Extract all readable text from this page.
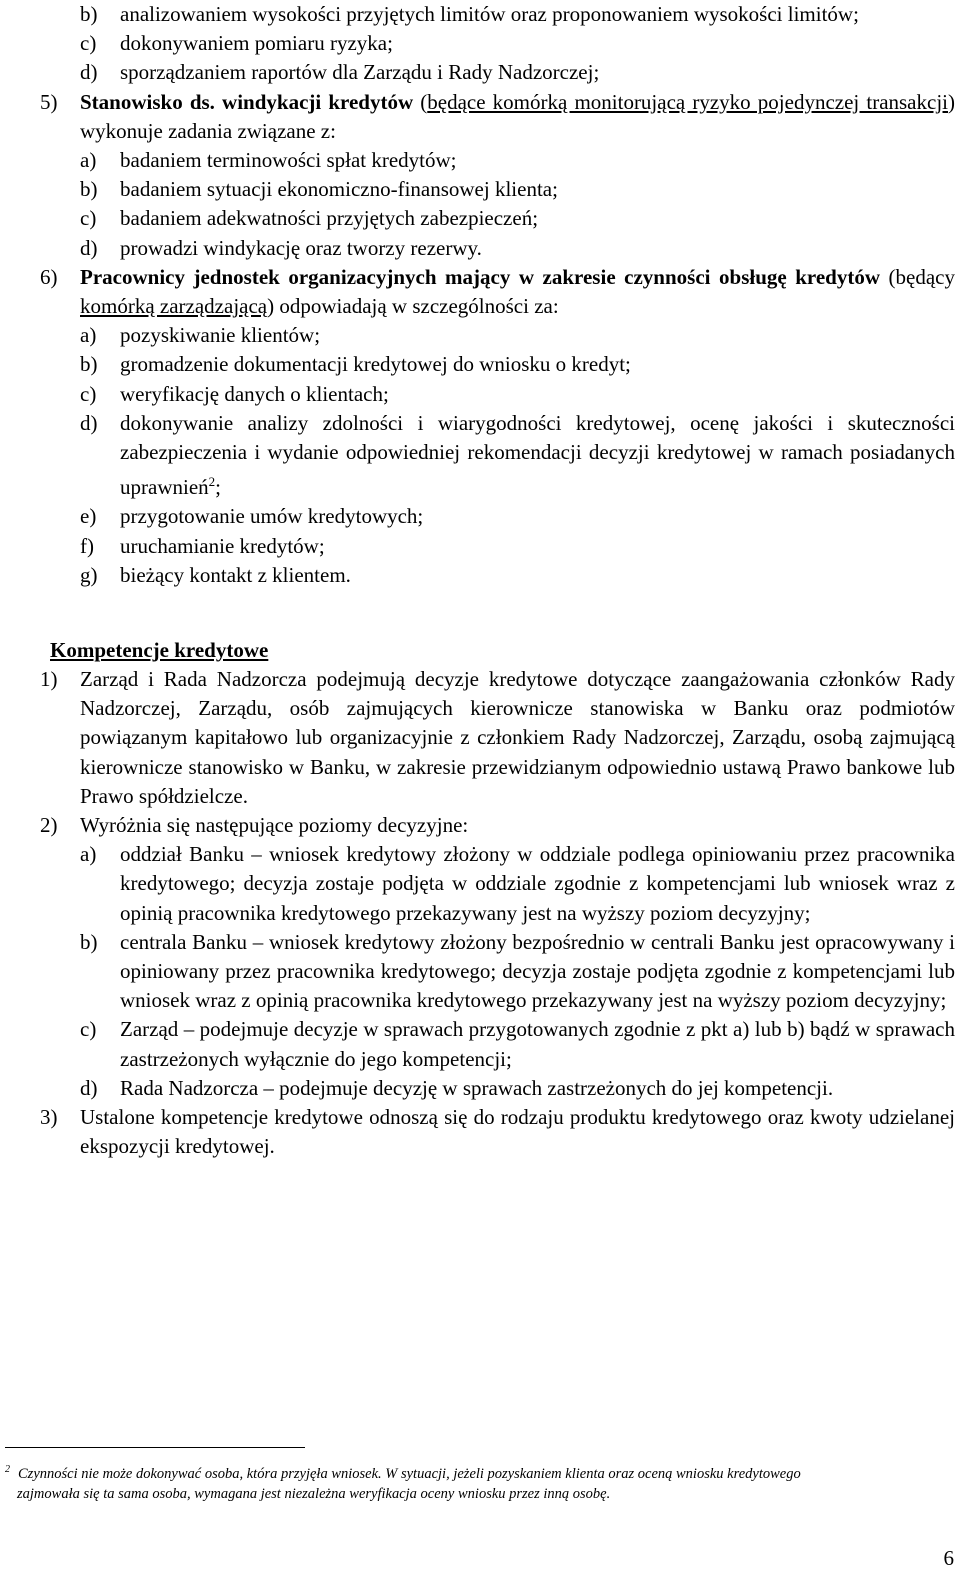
b) analizowaniem wysokości przyjętych limitów oraz proponowaniem wysokości limitów;
c) dokonywaniem pomiaru ryzyka;
d) sporządzaniem raportów dla Zarządu i Rady Nadzorczej;
5) Stanowisko ds. windykacji kredytów (będące komórką monitorującą ryzyko pojedynczej transakcji) wykonuje zadania związane z:
a) badaniem terminowości spłat kredytów;
b) badaniem sytuacji ekonomiczno-finansowej klienta;
c) badaniem adekwatności przyjętych zabezpieczeń;
d) prowadzi windykację oraz tworzy rezerwy.
6) Pracownicy jednostek organizacyjnych mający w zakresie czynności obsługę kredytów (będący komórką zarządzającą) odpowiadają w szczególności za:
a) pozyskiwanie klientów;
b) gromadzenie dokumentacji kredytowej do wniosku o kredyt;
c) weryfikację danych o klientach;
d) dokonywanie analizy zdolności i wiarygodności kredytowej, ocenę jakości i skuteczności zabezpieczenia i wydanie odpowiedniej rekomendacji decyzji kredytowej w ramach posiadanych uprawnień$^2$;
e) przygotowanie umów kredytowych;
f) uruchamianie kredytów;
g) bieżący kontakt z klientem.
Kompetencje kredytowe
1) Zarząd i Rada Nadzorcza podejmują decyzje kredytowe dotyczące zaangażowania członków Rady Nadzorczej, Zarządu, osób zajmujących kierownicze stanowiska w Banku oraz podmiotów powiązanym kapitałowo lub organizacyjnie z członkiem Rady Nadzorczej, Zarządu, osobą zajmującą kierownicze stanowisko w Banku, w zakresie przewidzianym odpowiednio ustawą Prawo bankowe lub Prawo spółdzielcze.
2) Wyróżnia się następujące poziomy decyzyjne:
a) oddział Banku – wniosek kredytowy złożony w oddziale podlega opiniowaniu przez pracownika kredytowego; decyzja zostaje podjęta w oddziale zgodnie z kompetencjami lub wniosek wraz z opinią pracownika kredytowego przekazywany jest na wyższy poziom decyzyjny;
b) centrala Banku – wniosek kredytowy złożony bezpośrednio w centrali Banku jest opracowywany i opiniowany przez pracownika kredytowego; decyzja zostaje podjęta zgodnie z kompetencjami lub wniosek wraz z opinią pracownika kredytowego przekazywany jest na wyższy poziom decyzyjny;
c) Zarząd – podejmuje decyzje w sprawach przygotowanych zgodnie z pkt a) lub b) bądź w sprawach zastrzeżonych wyłącznie do jego kompetencji;
d) Rada Nadzorcza – podejmuje decyzję w sprawach zastrzeżonych do jej kompetencji.
3) Ustalone kompetencje kredytowe odnoszą się do rodzaju produktu kredytowego oraz kwoty udzielanej ekspozycji kredytowej.
$^2$ Czynności nie może dokonywać osoba, która przyjęła wniosek. W sytuacji, jeżeli pozyskaniem klienta oraz oceną wniosku kredytowego
zajmowała się ta sama osoba, wymagana jest niezależna weryfikacja oceny wniosku przez inną osobę.
6
